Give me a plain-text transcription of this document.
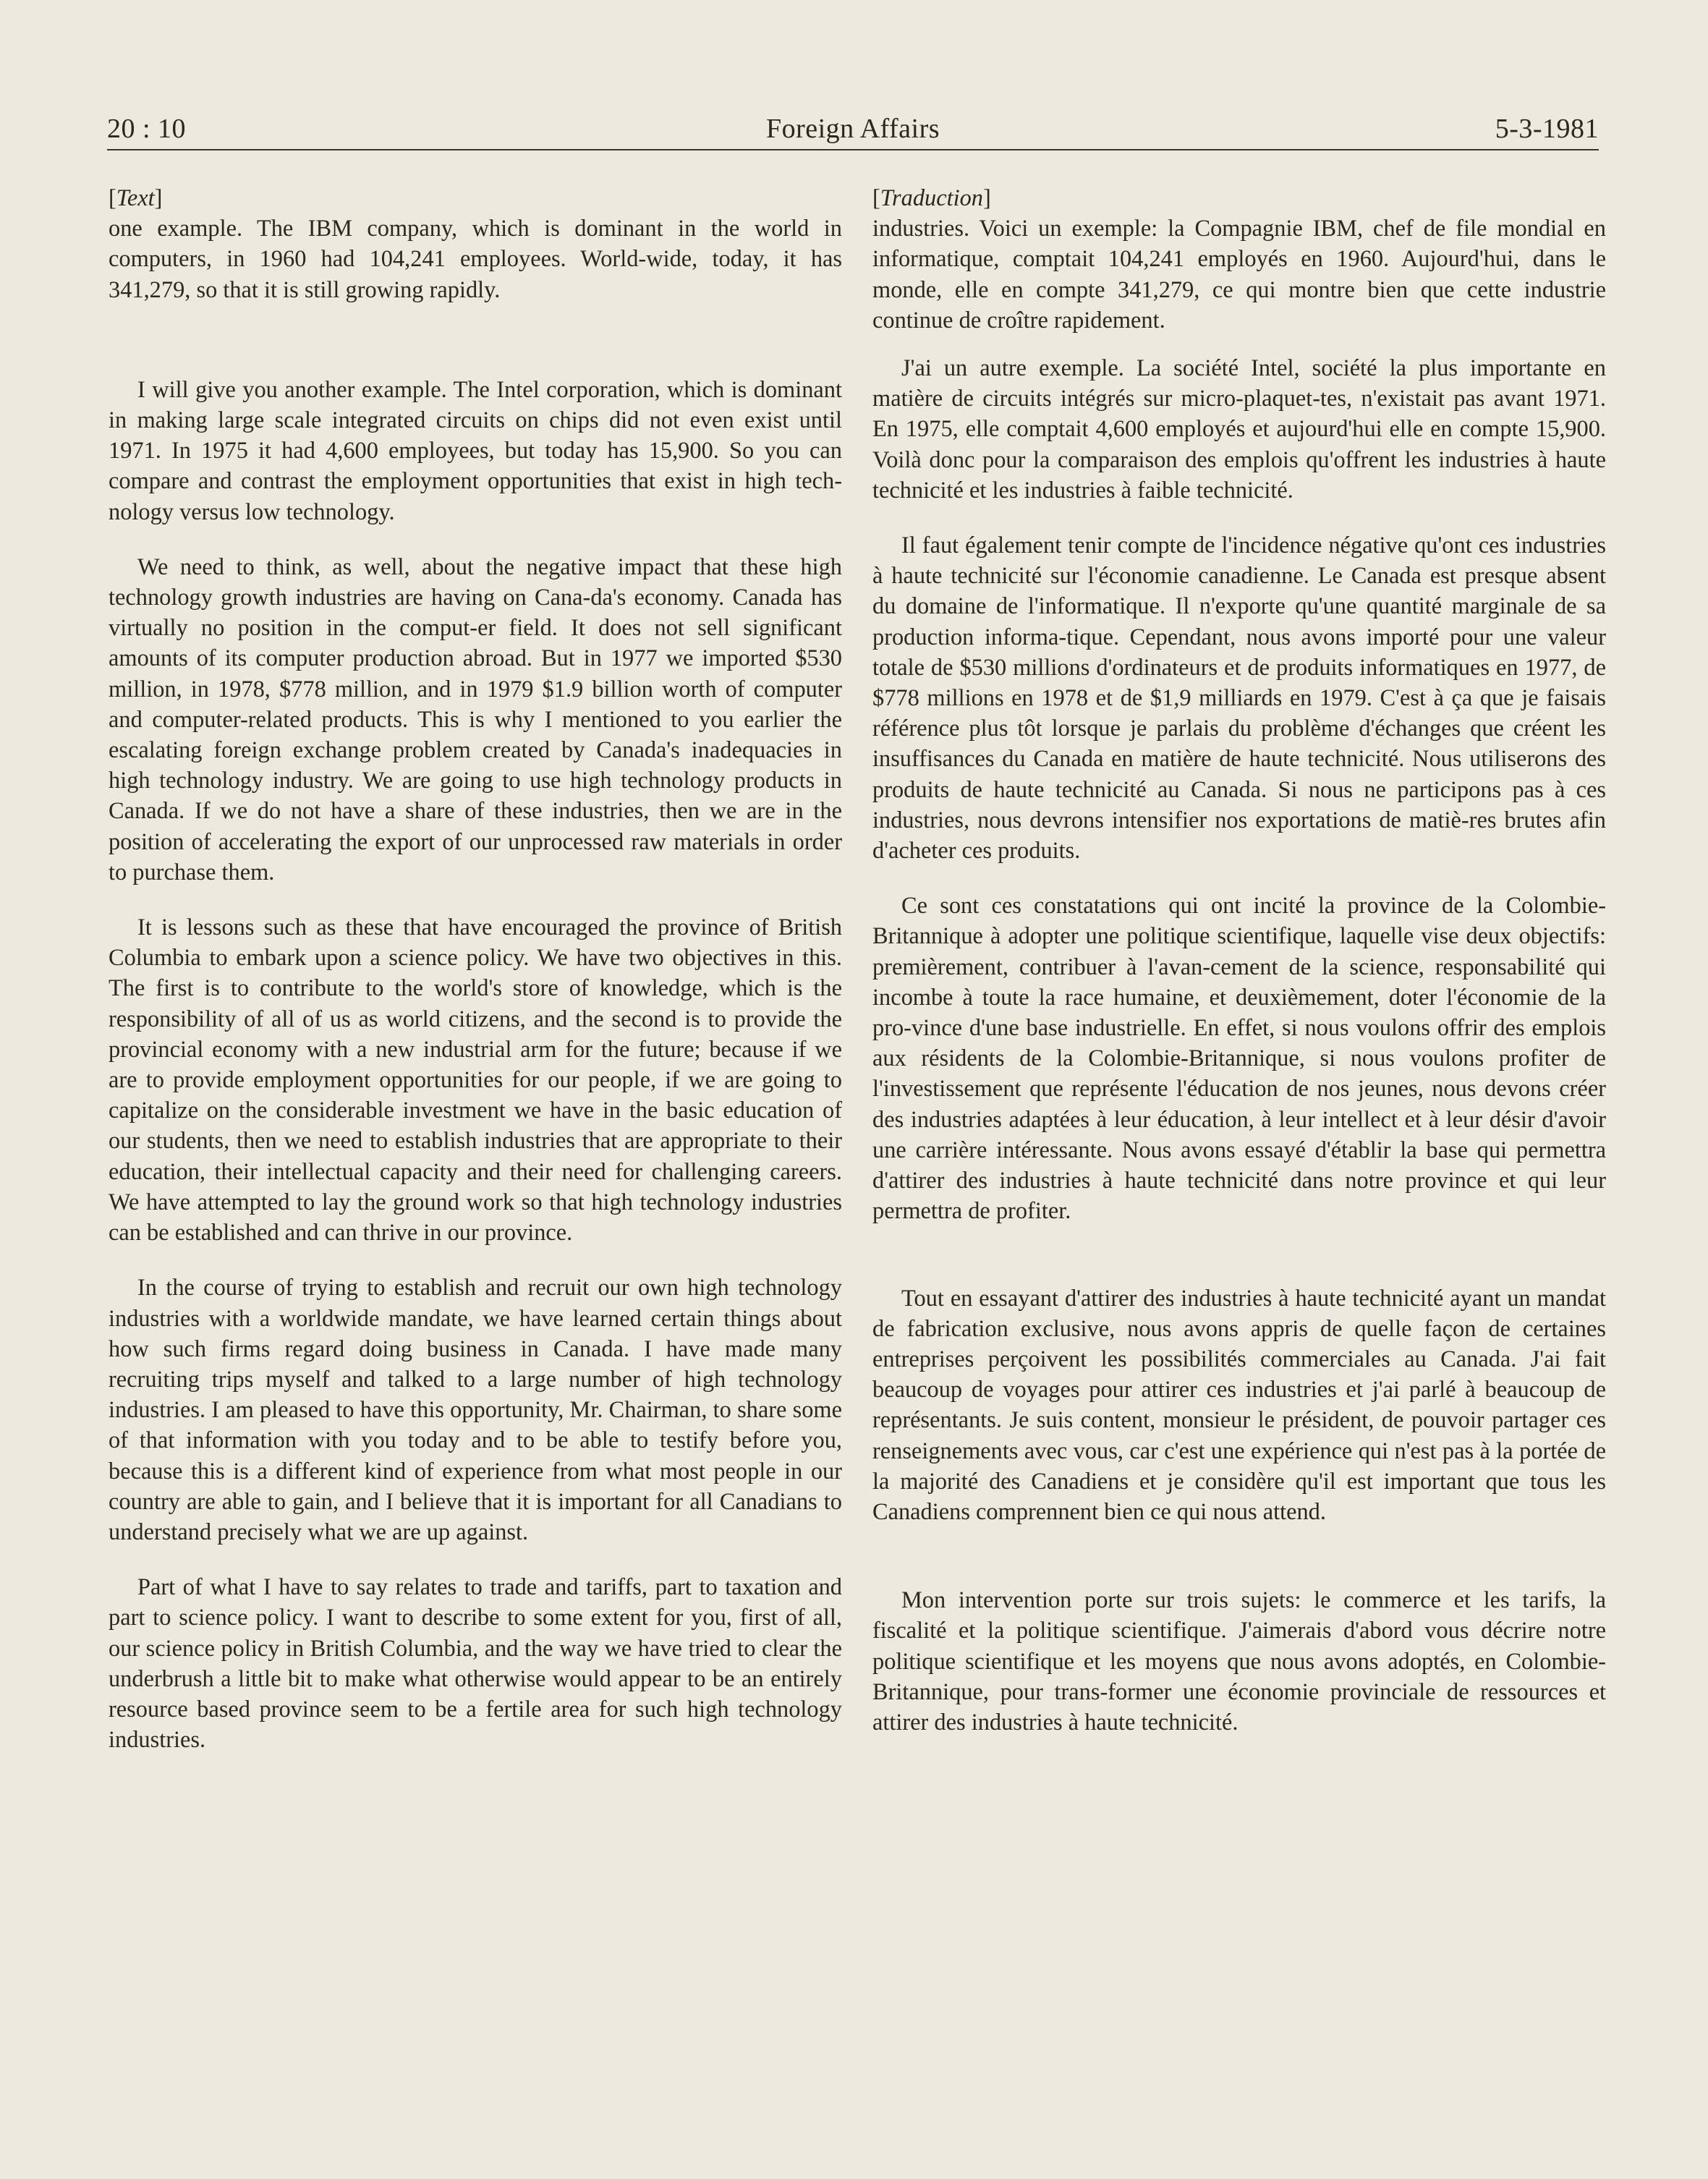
20 : 10	Foreign Affairs	5-3-1981
[Text]

one example. The IBM company, which is dominant in the world in computers, in 1960 had 104,241 employees. World-wide, today, it has 341,279, so that it is still growing rapidly.

I will give you another example. The Intel corporation, which is dominant in making large scale integrated circuits on chips did not even exist until 1971. In 1975 it had 4,600 employees, but today has 15,900. So you can compare and contrast the employment opportunities that exist in high tech-nology versus low technology.

We need to think, as well, about the negative impact that these high technology growth industries are having on Cana-da's economy. Canada has virtually no position in the comput-er field. It does not sell significant amounts of its computer production abroad. But in 1977 we imported $530 million, in 1978, $778 million, and in 1979 $1.9 billion worth of computer and computer-related products. This is why I mentioned to you earlier the escalating foreign exchange problem created by Canada's inadequacies in high technology industry. We are going to use high technology products in Canada. If we do not have a share of these industries, then we are in the position of accelerating the export of our unprocessed raw materials in order to purchase them.

It is lessons such as these that have encouraged the province of British Columbia to embark upon a science policy. We have two objectives in this. The first is to contribute to the world's store of knowledge, which is the responsibility of all of us as world citizens, and the second is to provide the provincial economy with a new industrial arm for the future; because if we are to provide employment opportunities for our people, if we are going to capitalize on the considerable investment we have in the basic education of our students, then we need to establish industries that are appropriate to their education, their intellectual capacity and their need for challenging careers. We have attempted to lay the ground work so that high technology industries can be established and can thrive in our province.

In the course of trying to establish and recruit our own high technology industries with a worldwide mandate, we have learned certain things about how such firms regard doing business in Canada. I have made many recruiting trips myself and talked to a large number of high technology industries. I am pleased to have this opportunity, Mr. Chairman, to share some of that information with you today and to be able to testify before you, because this is a different kind of experience from what most people in our country are able to gain, and I believe that it is important for all Canadians to understand precisely what we are up against.

Part of what I have to say relates to trade and tariffs, part to taxation and part to science policy. I want to describe to some extent for you, first of all, our science policy in British Columbia, and the way we have tried to clear the underbrush a little bit to make what otherwise would appear to be an entirely resource based province seem to be a fertile area for such high technology industries.

[Traduction]

industries. Voici un exemple: la Compagnie IBM, chef de file mondial en informatique, comptait 104,241 employés en 1960. Aujourd'hui, dans le monde, elle en compte 341,279, ce qui montre bien que cette industrie continue de croître rapidement.

J'ai un autre exemple. La société Intel, société la plus importante en matière de circuits intégrés sur micro-plaquet-tes, n'existait pas avant 1971. En 1975, elle comptait 4,600 employés et aujourd'hui elle en compte 15,900. Voilà donc pour la comparaison des emplois qu'offrent les industries à haute technicité et les industries à faible technicité.

Il faut également tenir compte de l'incidence négative qu'ont ces industries à haute technicité sur l'économie canadienne. Le Canada est presque absent du domaine de l'informatique. Il n'exporte qu'une quantité marginale de sa production informa-tique. Cependant, nous avons importé pour une valeur totale de $530 millions d'ordinateurs et de produits informatiques en 1977, de $778 millions en 1978 et de $1,9 milliards en 1979. C'est à ça que je faisais référence plus tôt lorsque je parlais du problème d'échanges que créent les insuffisances du Canada en matière de haute technicité. Nous utiliserons des produits de haute technicité au Canada. Si nous ne participons pas à ces industries, nous devrons intensifier nos exportations de matiè-res brutes afin d'acheter ces produits.

Ce sont ces constatations qui ont incité la province de la Colombie-Britannique à adopter une politique scientifique, laquelle vise deux objectifs: premièrement, contribuer à l'avan-cement de la science, responsabilité qui incombe à toute la race humaine, et deuxièmement, doter l'économie de la pro-vince d'une base industrielle. En effet, si nous voulons offrir des emplois aux résidents de la Colombie-Britannique, si nous voulons profiter de l'investissement que représente l'éducation de nos jeunes, nous devons créer des industries adaptées à leur éducation, à leur intellect et à leur désir d'avoir une carrière intéressante. Nous avons essayé d'établir la base qui permettra d'attirer des industries à haute technicité dans notre province et qui leur permettra de profiter.

Tout en essayant d'attirer des industries à haute technicité ayant un mandat de fabrication exclusive, nous avons appris de quelle façon de certaines entreprises perçoivent les possibilités commerciales au Canada. J'ai fait beaucoup de voyages pour attirer ces industries et j'ai parlé à beaucoup de représentants. Je suis content, monsieur le président, de pouvoir partager ces renseignements avec vous, car c'est une expérience qui n'est pas à la portée de la majorité des Canadiens et je considère qu'il est important que tous les Canadiens comprennent bien ce qui nous attend.

Mon intervention porte sur trois sujets: le commerce et les tarifs, la fiscalité et la politique scientifique. J'aimerais d'abord vous décrire notre politique scientifique et les moyens que nous avons adoptés, en Colombie-Britannique, pour trans-former une économie provinciale de ressources et attirer des industries à haute technicité.
